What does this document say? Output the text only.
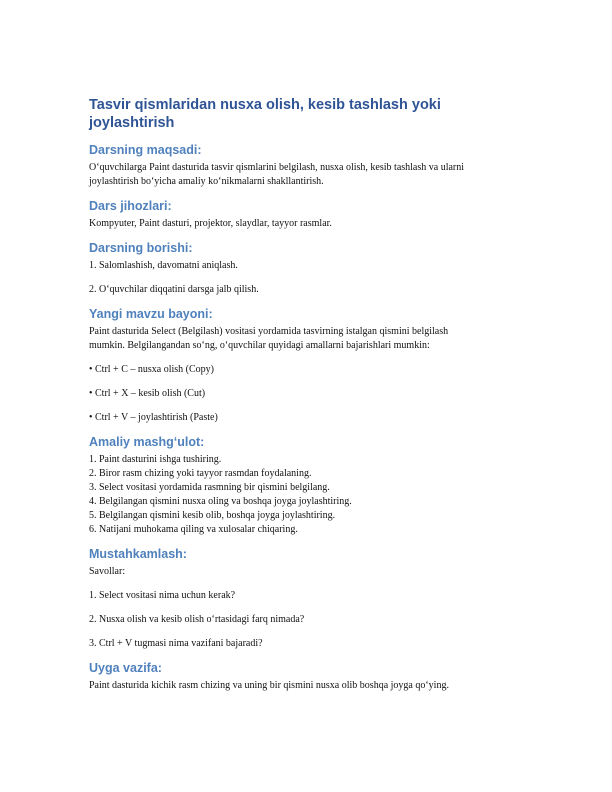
Tasvir qismlaridan nusxa olish, kesib tashlash yoki joylashtirish
Darsning maqsadi:
O‘quvchilarga Paint dasturida tasvir qismlarini belgilash, nusxa olish, kesib tashlash va ularni
joylashtirish bo‘yicha amaliy ko‘nikmalarni shakllantirish.
Dars jihozlari:
Kompyuter, Paint dasturi, projektor, slaydlar, tayyor rasmlar.
Darsning borishi:
1. Salomlashish, davomatni aniqlash.
2. O‘quvchilar diqqatini darsga jalb qilish.
Yangi mavzu bayoni:
Paint dasturida Select (Belgilash) vositasi yordamida tasvirning istalgan qismini belgilash
mumkin. Belgilangandan so‘ng, o‘quvchilar quyidagi amallarni bajarishlari mumkin:
• Ctrl + C – nusxa olish (Copy)
• Ctrl + X – kesib olish (Cut)
• Ctrl + V – joylashtirish (Paste)
Amaliy mashg‘ulot:
1. Paint dasturini ishga tushiring.
2. Biror rasm chizing yoki tayyor rasmdan foydalaning.
3. Select vositasi yordamida rasmning bir qismini belgilang.
4. Belgilangan qismini nusxa oling va boshqa joyga joylashtiring.
5. Belgilangan qismini kesib olib, boshqa joyga joylashtiring.
6. Natijani muhokama qiling va xulosalar chiqaring.
Mustahkamlash:
Savollar:
1. Select vositasi nima uchun kerak?
2. Nusxa olish va kesib olish o‘rtasidagi farq nimada?
3. Ctrl + V tugmasi nima vazifani bajaradi?
Uyga vazifa:
Paint dasturida kichik rasm chizing va uning bir qismini nusxa olib boshqa joyga qo‘ying.
